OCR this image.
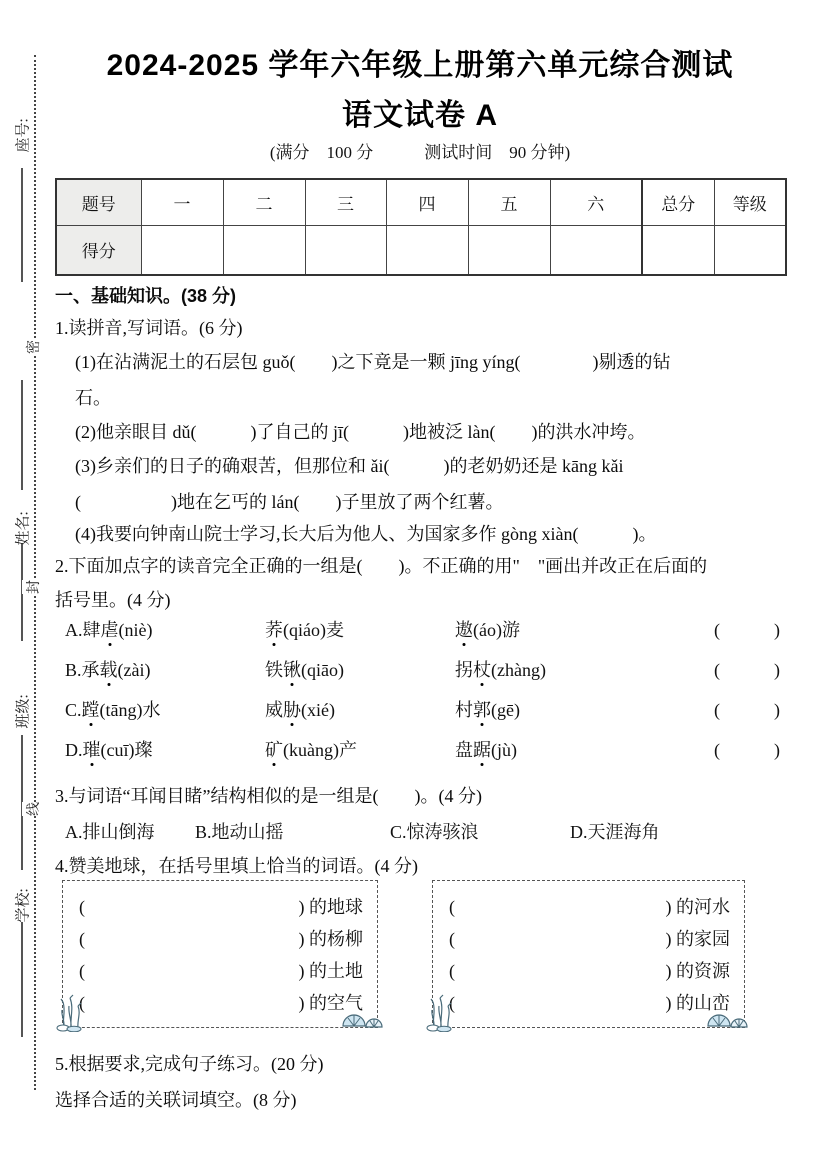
座号:
姓名:
班级:
学校:
密
封
线
2024-2025 学年六年级上册第六单元综合测试
语文试卷 A
(满分　100 分　　　测试时间　90 分钟)
题号	一	二	三	四	五	六	总分	等级
得分								
一、基础知识。(38 分)
1.读拼音,写词语。(6 分)
(1)在沾满泥土的石层包 guǒ(　　)之下竟是一颗 jīng yíng(　　　　)剔透的钻
石。
(2)他亲眼目 dǔ(　　　)了自己的 jī(　　　)地被泛 làn(　　)的洪水冲垮。
(3)乡亲们的日子的确艰苦，但那位和 ǎi(　　　)的老奶奶还是 kāng kǎi
(　　　　　)地在乞丐的 lán(　　)子里放了两个红薯。
(4)我要向钟南山院士学习,长大后为他人、为国家多作 gòng xiàn(　　　)。
2.下面加点字的读音完全正确的一组是(　　)。不正确的用"　"画出并改正在后面的
括号里。(4 分)
A.肆虐(niè)	荞(qiáo)麦	遨(áo)游	(　　　)
B.承载(zài)	铁锹(qiāo)	拐杖(zhàng)	(　　　)
C.蹚(tāng)水	威胁(xié)	村郭(gē)	(　　　)
D.璀(cuī)璨	矿(kuàng)产	盘踞(jù)	(　　　)
3.与词语“耳闻目睹”结构相似的是一组是(　　)。(4 分)
A.排山倒海	B.地动山摇	C.惊涛骇浪	D.天涯海角
4.赞美地球，在括号里填上恰当的词语。(4 分)
(	) 的地球
(	) 的杨柳
(	) 的土地
(	) 的空气
(	) 的河水
(	) 的家园
(	) 的资源
(	) 的山峦
5.根据要求,完成句子练习。(20 分)
选择合适的关联词填空。(8 分)
